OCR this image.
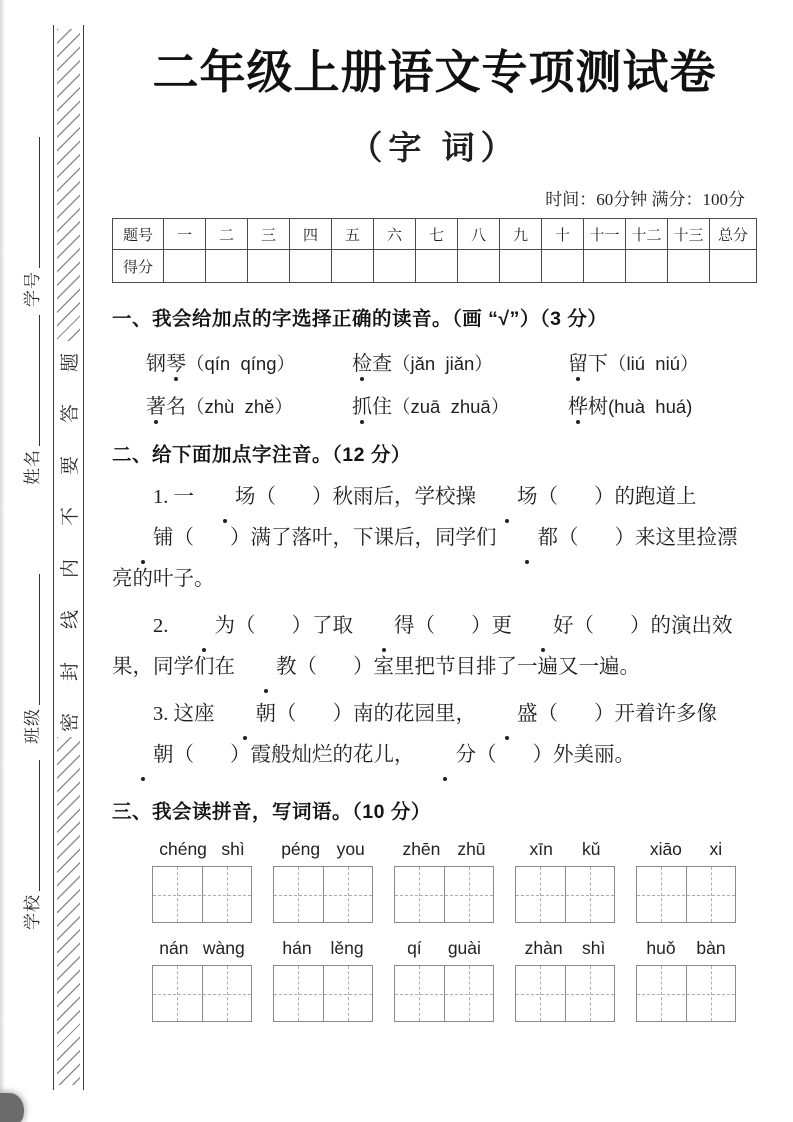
学号
姓名
班级
学校
题
答
要
不
内
线
封
密
二年级上册语文专项测试卷
（字 词）
时间：60分钟 满分：100分
题号	一	二	三	四	五	六	七	八	九	十	十一	十二	十三	总分
得分														
一、我会给加点的字选择正确的读音。（画 “√”）（3 分）
钢琴（qín  qíng）	检查（jǎn  jiǎn）	留下（liú  niú）
著名（zhù  zhě）	抓住（zuā  zhuā）	桦树(huà  huá)
二、给下面加点字注音。（12 分）

1. 一 场（ ）秋雨后，学校操 场（ ）的跑道上铺（ ）满了落叶，下课后，同学们 都（ ）来这里捡漂亮的叶子。

2. 为（ ）了取 得（ ）更 好（ ）的演出效果，同学们在 教（ ）室里把节目排了一遍又一遍。

3. 这座 朝（ ）南的花园里， 盛（ ）开着许多像朝（ ）霞般灿烂的花儿， 分（ ）外美丽。

三、我会读拼音，写词语。（10 分）
chéng shì péng you zhēn zhū	xīn kǔ	xiāo xi
nán wàng hán lěng qí guài	zhàn shì huǒ bàn
